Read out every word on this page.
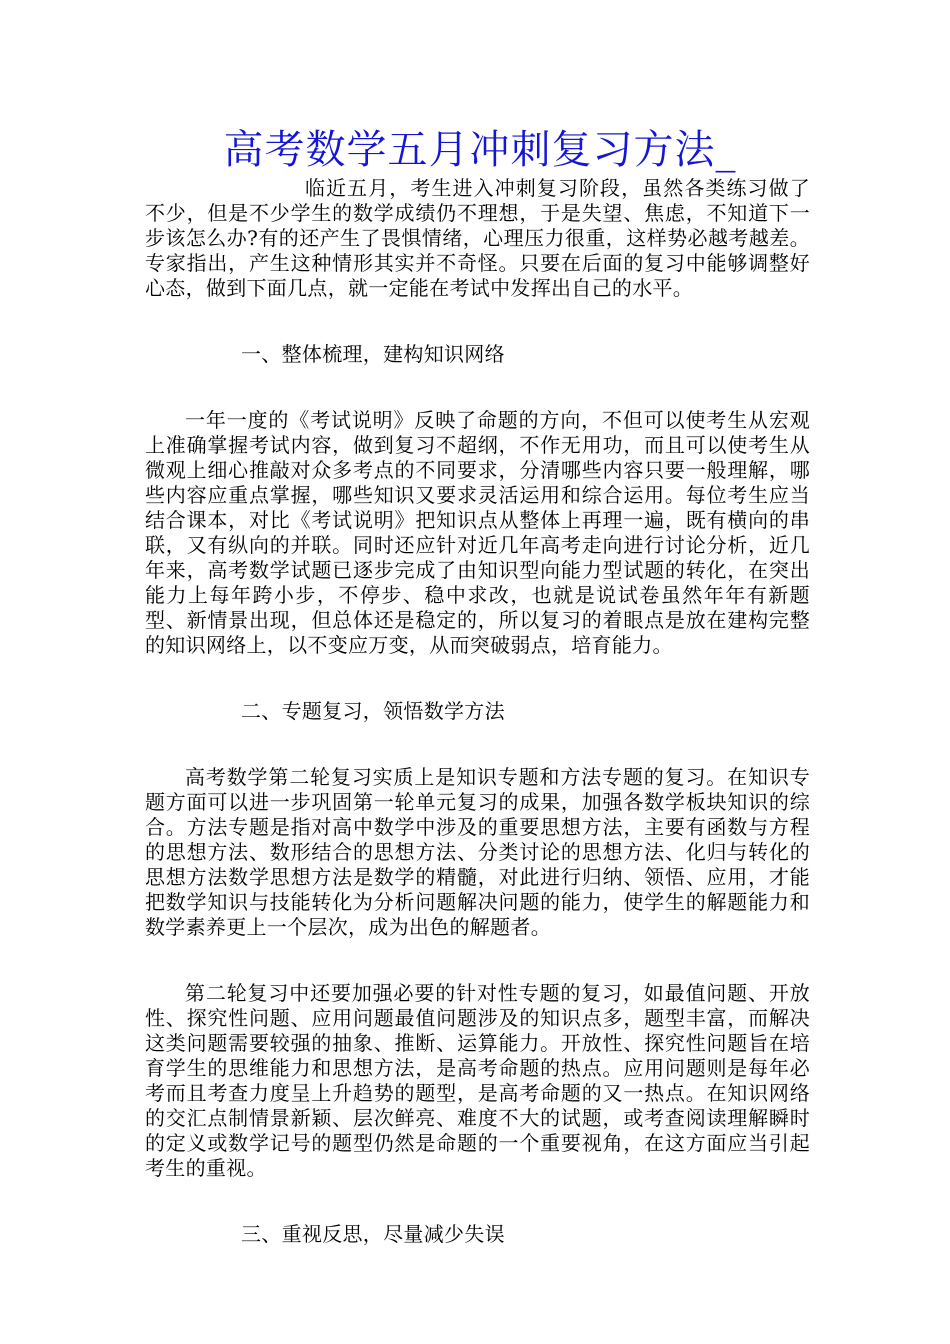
高考数学五月冲刺复习方法_

临近五月，考生进入冲刺复习阶段，虽然各类练习做了不少，但是不少学生的数学成绩仍不理想，于是失望、焦虑，不知道下一步该怎么办?有的还产生了畏惧情绪，心理压力很重，这样势必越考越差。专家指出，产生这种情形其实并不奇怪。只要在后面的复习中能够调整好心态，做到下面几点，就一定能在考试中发挥出自己的水平。

一、整体梳理，建构知识网络

一年一度的《考试说明》反映了命题的方向，不但可以使考生从宏观上准确掌握考试内容，做到复习不超纲，不作无用功，而且可以使考生从微观上细心推敲对众多考点的不同要求，分清哪些内容只要一般理解，哪些内容应重点掌握，哪些知识又要求灵活运用和综合运用。每位考生应当结合课本，对比《考试说明》把知识点从整体上再理一遍，既有横向的串联，又有纵向的并联。同时还应针对近几年高考走向进行讨论分析，近几年来，高考数学试题已逐步完成了由知识型向能力型试题的转化，在突出能力上每年跨小步，不停步、稳中求改，也就是说试卷虽然年年有新题型、新情景出现，但总体还是稳定的，所以复习的着眼点是放在建构完整的知识网络上，以不变应万变，从而突破弱点，培育能力。

二、专题复习，领悟数学方法

高考数学第二轮复习实质上是知识专题和方法专题的复习。在知识专题方面可以进一步巩固第一轮单元复习的成果，加强各数学板块知识的综合。方法专题是指对高中数学中涉及的重要思想方法，主要有函数与方程的思想方法、数形结合的思想方法、分类讨论的思想方法、化归与转化的思想方法数学思想方法是数学的精髓，对此进行归纳、领悟、应用，才能把数学知识与技能转化为分析问题解决问题的能力，使学生的解题能力和数学素养更上一个层次，成为出色的解题者。

第二轮复习中还要加强必要的针对性专题的复习，如最值问题、开放性、探究性问题、应用问题最值问题涉及的知识点多，题型丰富，而解决这类问题需要较强的抽象、推断、运算能力。开放性、探究性问题旨在培育学生的思维能力和思想方法，是高考命题的热点。应用问题则是每年必考而且考查力度呈上升趋势的题型，是高考命题的又一热点。在知识网络的交汇点制情景新颖、层次鲜亮、难度不大的试题，或考查阅读理解瞬时的定义或数学记号的题型仍然是命题的一个重要视角，在这方面应当引起考生的重视。

三、重视反思，尽量减少失误
